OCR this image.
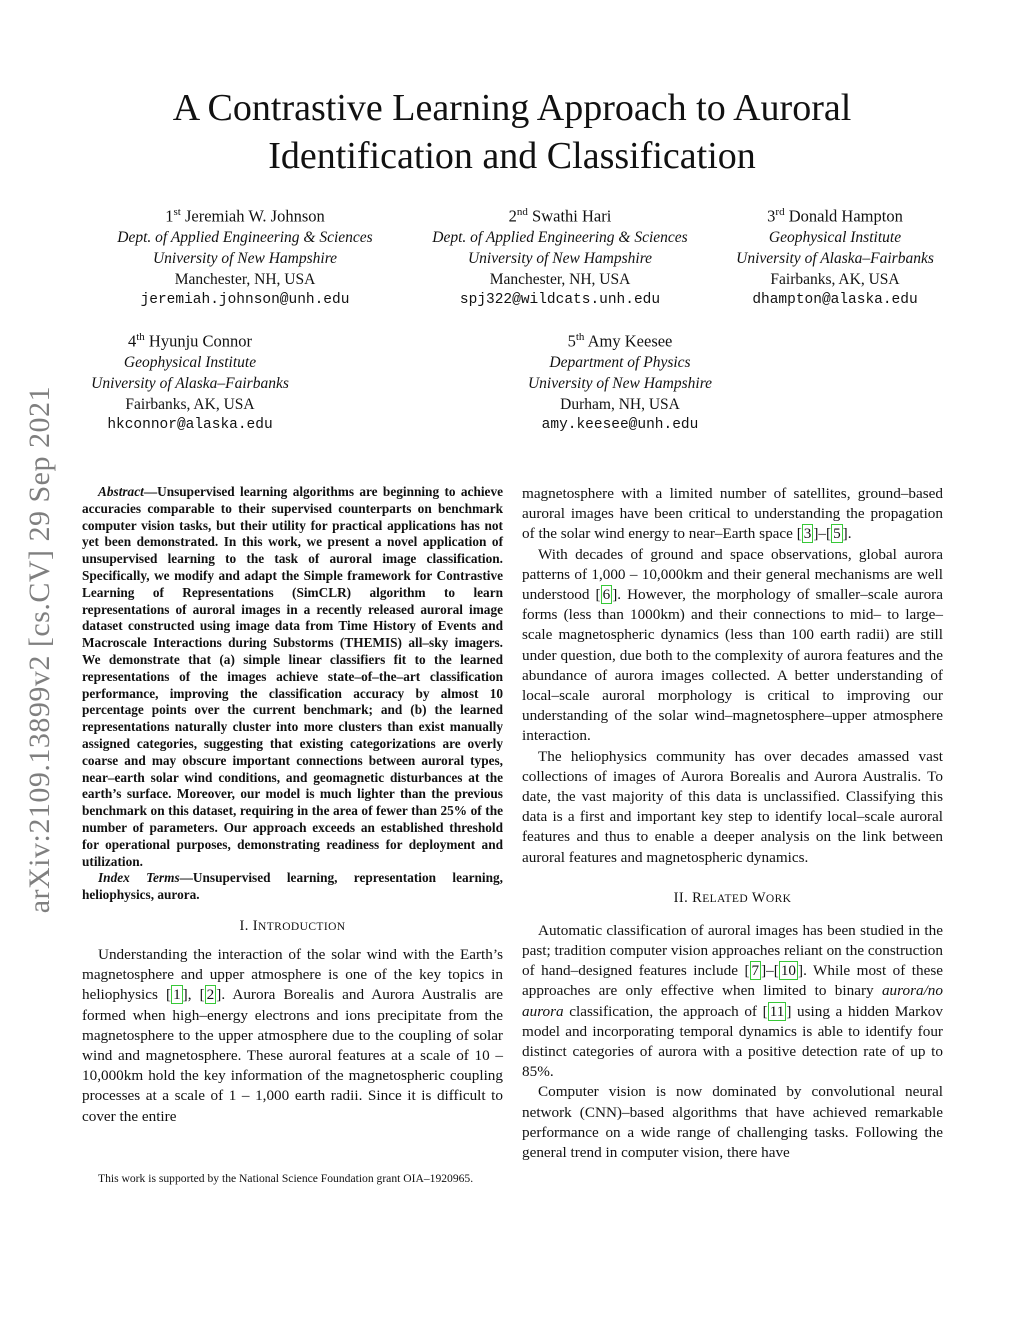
arXiv:2109.13899v2 [cs.CV] 29 Sep 2021
A Contrastive Learning Approach to Auroral Identification and Classification
1st Jeremiah W. Johnson
Dept. of Applied Engineering & Sciences
University of New Hampshire
Manchester, NH, USA
jeremiah.johnson@unh.edu
2nd Swathi Hari
Dept. of Applied Engineering & Sciences
University of New Hampshire
Manchester, NH, USA
spj322@wildcats.unh.edu
3rd Donald Hampton
Geophysical Institute
University of Alaska–Fairbanks
Fairbanks, AK, USA
dhampton@alaska.edu
4th Hyunju Connor
Geophysical Institute
University of Alaska–Fairbanks
Fairbanks, AK, USA
hkconnor@alaska.edu
5th Amy Keesee
Department of Physics
University of New Hampshire
Durham, NH, USA
amy.keesee@unh.edu

Abstract—Unsupervised learning algorithms are beginning to achieve accuracies comparable to their supervised counterparts on benchmark computer vision tasks, but their utility for practical applications has not yet been demonstrated. In this work, we present a novel application of unsupervised learning to the task of auroral image classification. Specifically, we modify and adapt the Simple framework for Contrastive Learning of Representations (SimCLR) algorithm to learn representations of auroral images in a recently released auroral image dataset constructed using image data from Time History of Events and Macroscale Interactions during Substorms (THEMIS) all–sky imagers. We demonstrate that (a) simple linear classifiers fit to the learned representations of the images achieve state–of–the–art classification performance, improving the classification accuracy by almost 10 percentage points over the current benchmark; and (b) the learned representations naturally cluster into more clusters than exist manually assigned categories, suggesting that existing categorizations are overly coarse and may obscure important connections between auroral types, near–earth solar wind conditions, and geomagnetic disturbances at the earth’s surface. Moreover, our model is much lighter than the previous benchmark on this dataset, requiring in the area of fewer than 25% of the number of parameters. Our approach exceeds an established threshold for operational purposes, demonstrating readiness for deployment and utilization.

Index Terms—Unsupervised learning, representation learning, heliophysics, aurora.

I. INTRODUCTION

Understanding the interaction of the solar wind with the Earth’s magnetosphere and upper atmosphere is one of the key topics in heliophysics [ 1 ], [ 2 ]. Aurora Borealis and Aurora Australis are formed when high–energy electrons and ions precipitate from the magnetosphere to the upper atmosphere due to the coupling of solar wind and magnetosphere. These auroral features at a scale of 10 – 10,000km hold the key information of the magnetospheric coupling processes at a scale of 1 – 1,000 earth radii. Since it is difficult to cover the entire

This work is supported by the National Science Foundation grant OIA–1920965.

magnetosphere with a limited number of satellites, ground–based auroral images have been critical to understanding the propagation of the solar wind energy to near–Earth space [ 3 ]–[ 5 ].

With decades of ground and space observations, global aurora patterns of 1,000 – 10,000km and their general mechanisms are well understood [ 6 ]. However, the morphology of smaller–scale aurora forms (less than 1000km) and their connections to mid– to large–scale magnetospheric dynamics (less than 100 earth radii) are still under question, due both to the complexity of aurora features and the abundance of aurora images collected. A better understanding of local–scale auroral morphology is critical to improving our understanding of the solar wind–magnetosphere–upper atmosphere interaction.

The heliophysics community has over decades amassed vast collections of images of Aurora Borealis and Aurora Australis. To date, the vast majority of this data is unclassified. Classifying this data is a first and important key step to identify local–scale auroral features and thus to enable a deeper analysis on the link between auroral features and magnetospheric dynamics.

II. RELATED WORK

Automatic classification of auroral images has been studied in the past; tradition computer vision approaches reliant on the construction of hand–designed features include [ 7 ]–[ 10 ]. While most of these approaches are only effective when limited to binary aurora/no aurora classification, the approach of [ 11 ] using a hidden Markov model and incorporating temporal dynamics is able to identify four distinct categories of aurora with a positive detection rate of up to 85%.

Computer vision is now dominated by convolutional neural network (CNN)–based algorithms that have achieved remarkable performance on a wide range of challenging tasks. Following the general trend in computer vision, there have
